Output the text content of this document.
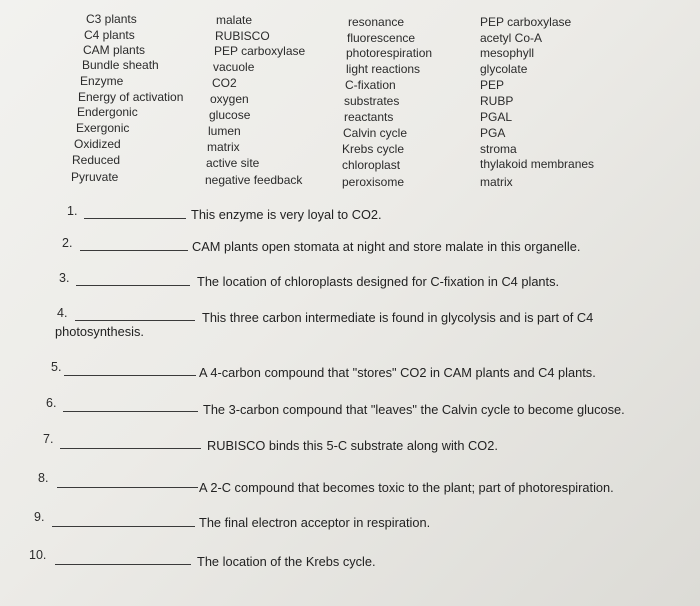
C3 plants
C4 plants
CAM plants
Bundle sheath
Enzyme
Energy of activation
Endergonic
Exergonic
Oxidized
Reduced
Pyruvate
malate
RUBISCO
PEP carboxylase
vacuole
CO2
oxygen
glucose
lumen
matrix
active site
negative feedback
resonance
fluorescence
photorespiration
light reactions
C-fixation
substrates
reactants
Calvin cycle
Krebs cycle
chloroplast
peroxisome
PEP carboxylase
acetyl Co-A
mesophyll
glycolate
PEP
RUBP
PGAL
PGA
stroma
thylakoid membranes
matrix
1.	This enzyme is very loyal to CO2.
2.	CAM plants open stomata at night and store malate in this organelle.
3.	The location of chloroplasts designed for C-fixation in C4 plants.
4.	This three carbon intermediate is found in glycolysis and is part of C4
photosynthesis.
5.	A 4-carbon compound that "stores" CO2 in CAM plants and C4 plants.
6.	The 3-carbon compound that "leaves" the Calvin cycle to become glucose.
7.	RUBISCO binds this 5-C substrate along with CO2.
8.
A 2-C compound that becomes toxic to the plant; part of photorespiration.
9.	The final electron acceptor in respiration.
10.	The location of the Krebs cycle.
